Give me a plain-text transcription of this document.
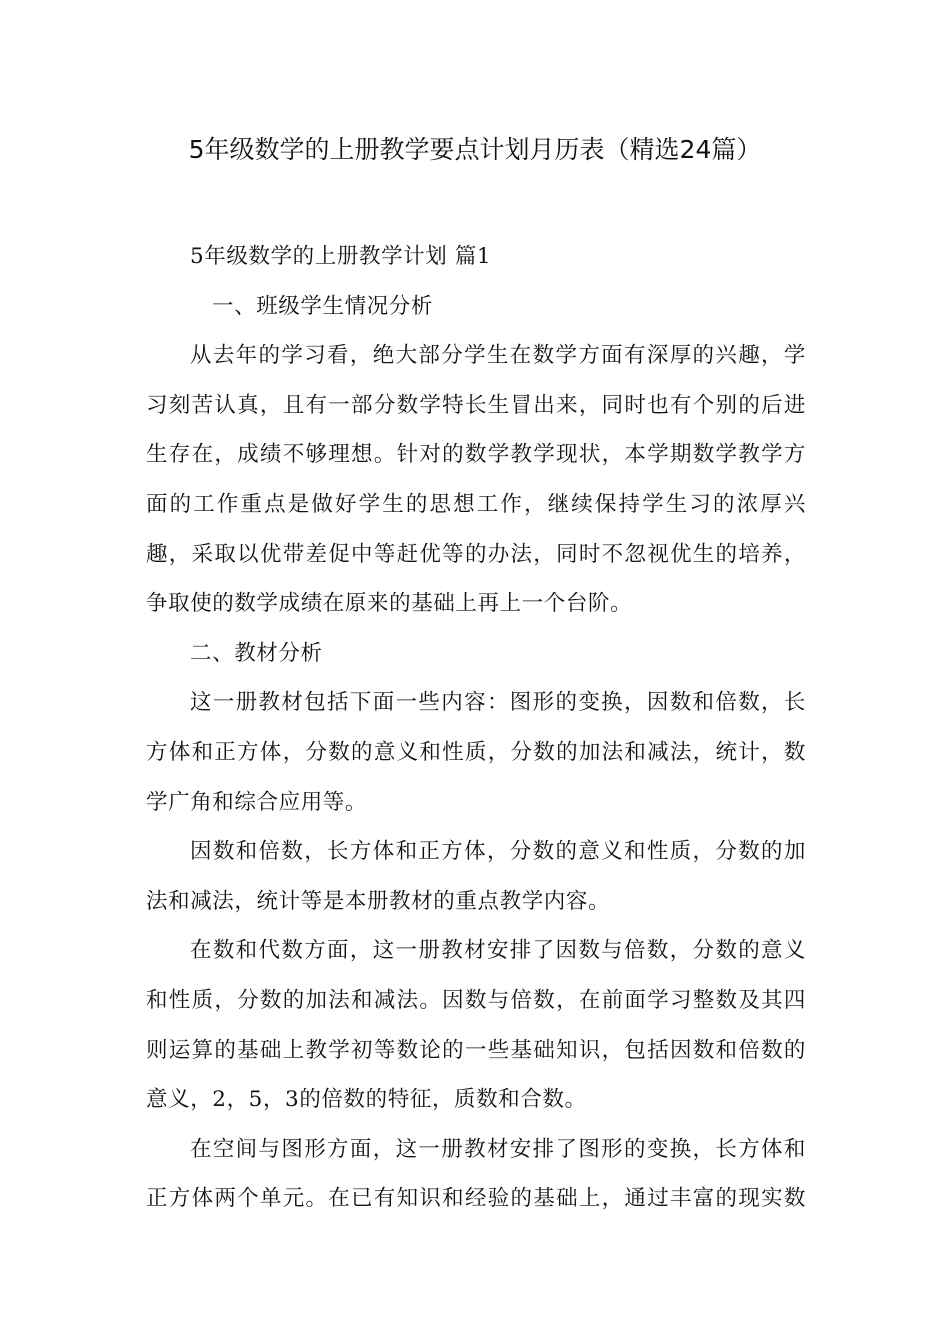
5年级数学的上册教学要点计划月历表（精选24篇）
5年级数学的上册教学计划 篇1
一、班级学生情况分析
从去年的学习看，绝大部分学生在数学方面有深厚的兴趣，学
习刻苦认真，且有一部分数学特长生冒出来，同时也有个别的后进
生存在，成绩不够理想。针对的数学教学现状，本学期数学教学方
面的工作重点是做好学生的思想工作，继续保持学生习的浓厚兴
趣，采取以优带差促中等赶优等的办法，同时不忽视优生的培养，
争取使的数学成绩在原来的基础上再上一个台阶。
二、教材分析
这一册教材包括下面一些内容：图形的变换，因数和倍数，长
方体和正方体，分数的意义和性质，分数的加法和减法，统计，数
学广角和综合应用等。
因数和倍数，长方体和正方体，分数的意义和性质，分数的加
法和减法，统计等是本册教材的重点教学内容。
在数和代数方面，这一册教材安排了因数与倍数，分数的意义
和性质，分数的加法和减法。因数与倍数，在前面学习整数及其四
则运算的基础上教学初等数论的一些基础知识，包括因数和倍数的
意义，2，5，3的倍数的特征，质数和合数。
在空间与图形方面，这一册教材安排了图形的变换，长方体和
正方体两个单元。在已有知识和经验的基础上，通过丰富的现实数
